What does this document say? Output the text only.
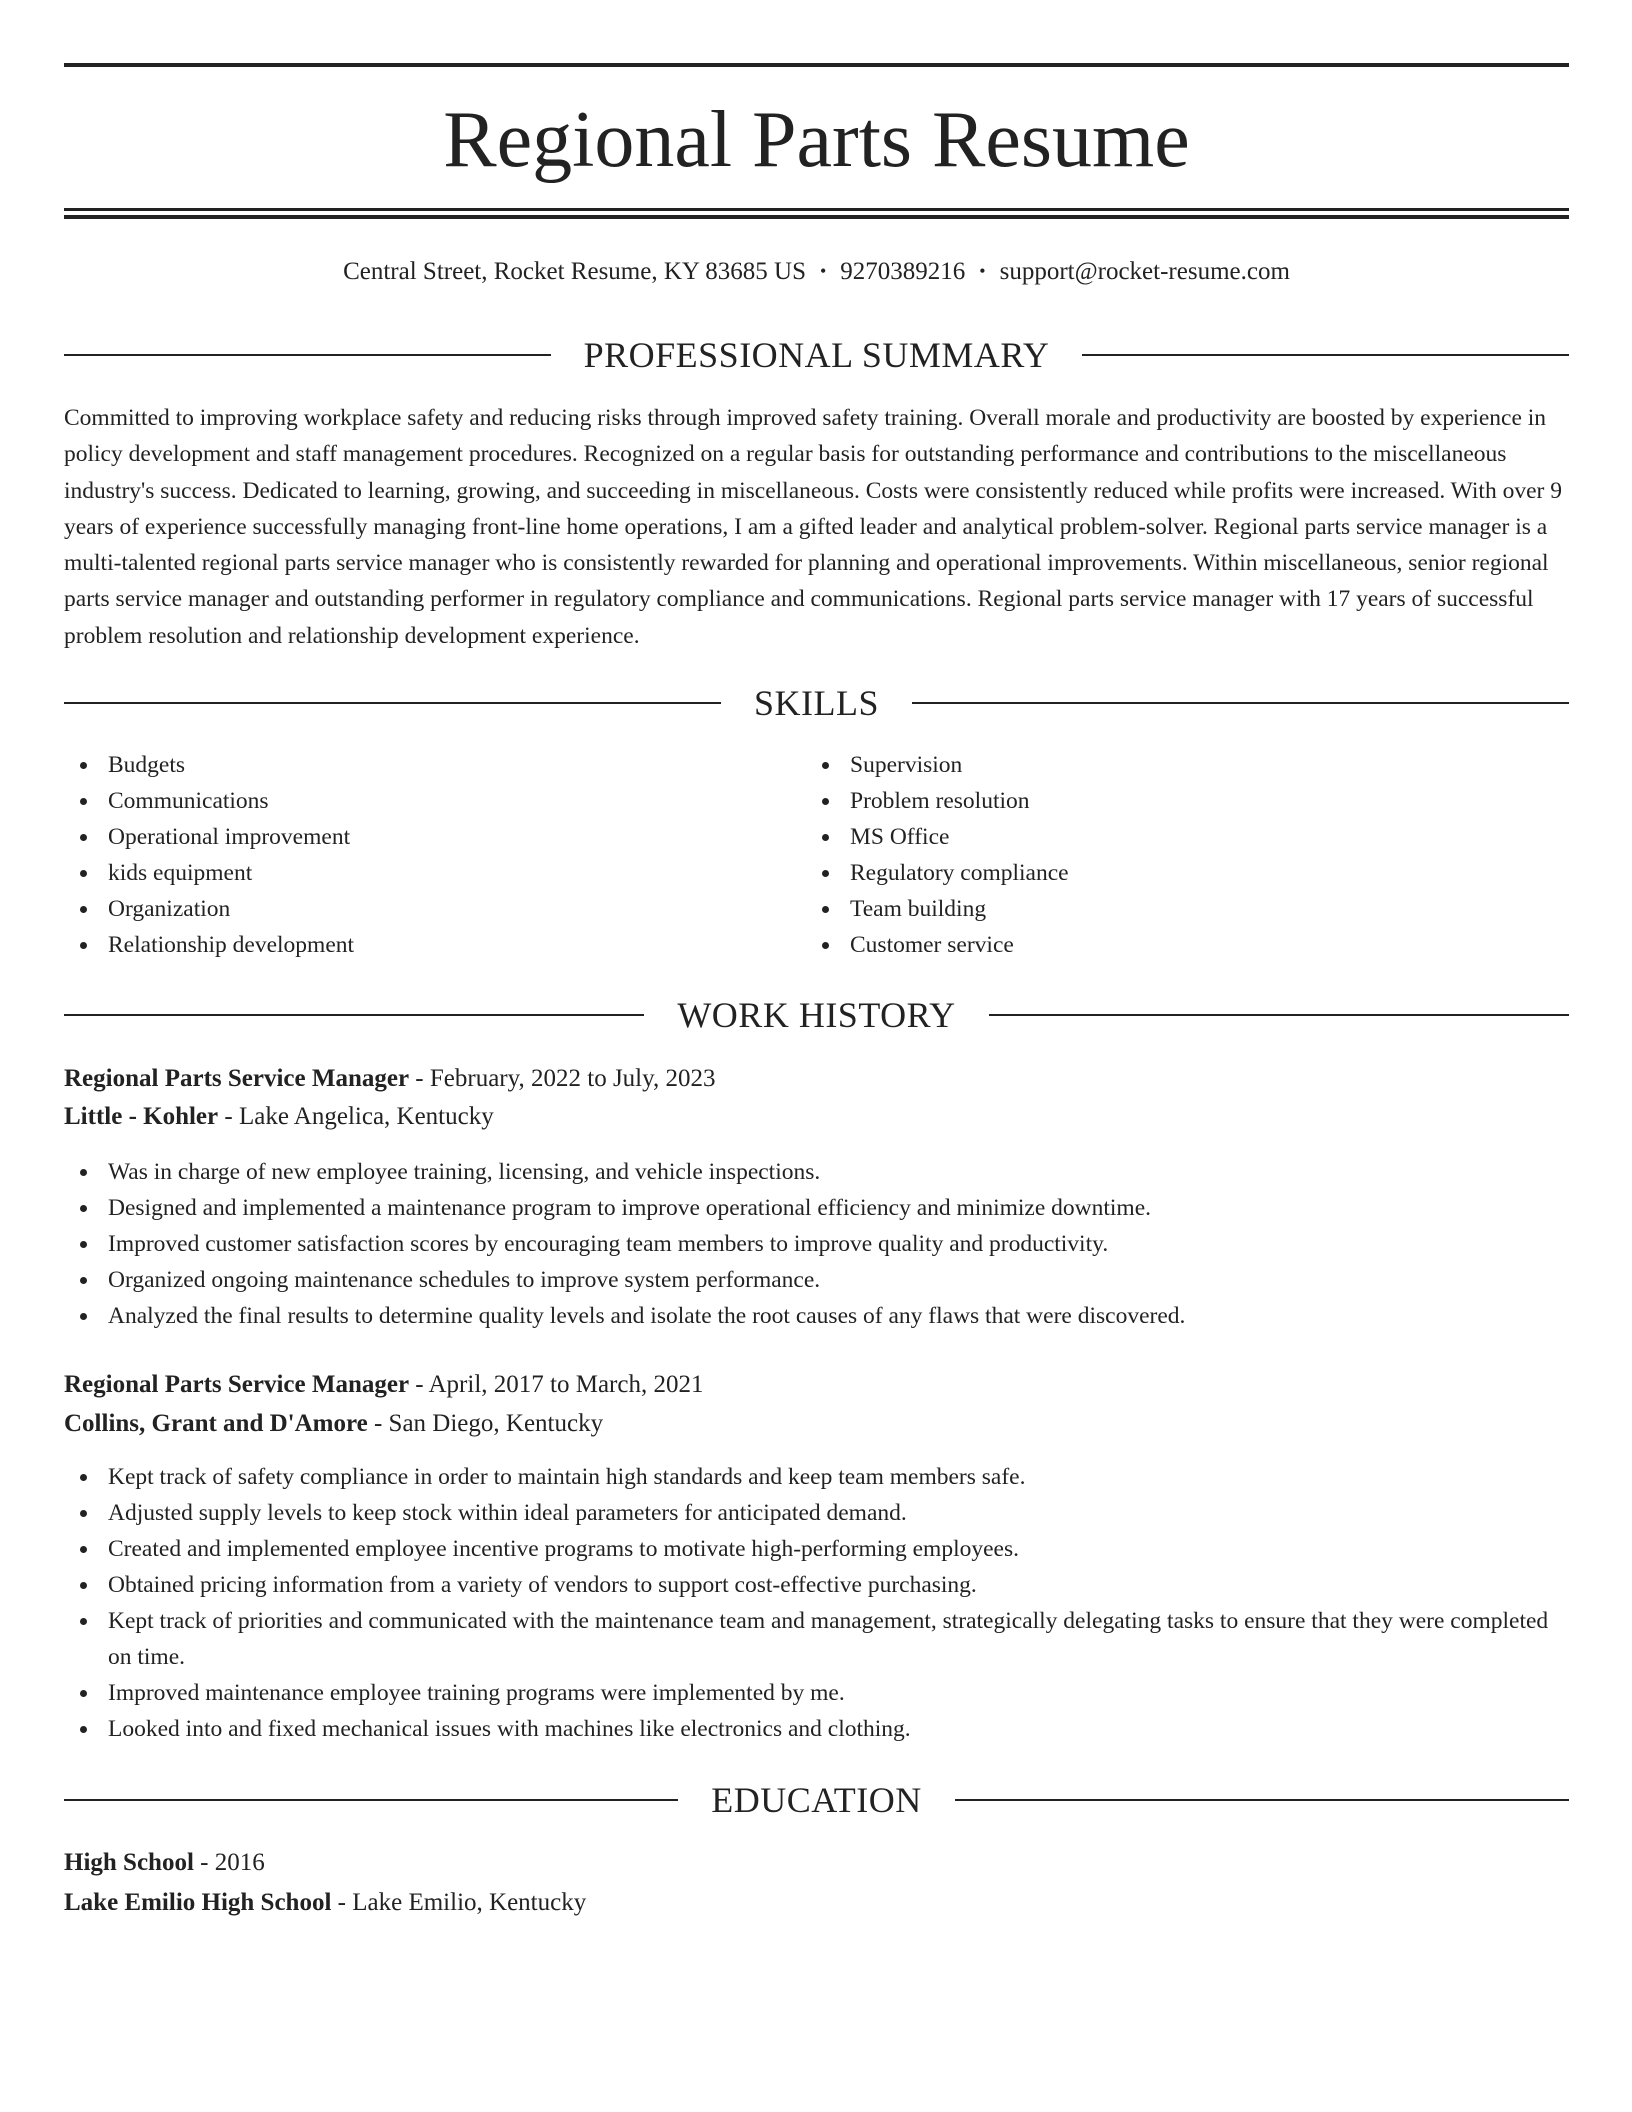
Regional Parts Resume
Central Street, Rocket Resume, KY 83685 US • 9270389216 • support@rocket-resume.com
PROFESSIONAL SUMMARY

Committed to improving workplace safety and reducing risks through improved safety training. Overall morale and productivity are boosted by experience in policy development and staff management procedures. Recognized on a regular basis for outstanding performance and contributions to the miscellaneous industry's success. Dedicated to learning, growing, and succeeding in miscellaneous. Costs were consistently reduced while profits were increased. With over 9 years of experience successfully managing front-line home operations, I am a gifted leader and analytical problem-solver. Regional parts service manager is a multi-talented regional parts service manager who is consistently rewarded for planning and operational improvements. Within miscellaneous, senior regional parts service manager and outstanding performer in regulatory compliance and communications. Regional parts service manager with 17 years of successful problem resolution and relationship development experience.

SKILLS
Budgets
Communications
Operational improvement
kids equipment
Organization
Relationship development
Supervision
Problem resolution
MS Office
Regulatory compliance
Team building
Customer service
WORK HISTORY
Regional Parts Service Manager - February, 2022 to July, 2023
Little - Kohler - Lake Angelica, Kentucky
Was in charge of new employee training, licensing, and vehicle inspections.
Designed and implemented a maintenance program to improve operational efficiency and minimize downtime.
Improved customer satisfaction scores by encouraging team members to improve quality and productivity.
Organized ongoing maintenance schedules to improve system performance.
Analyzed the final results to determine quality levels and isolate the root causes of any flaws that were discovered.
Regional Parts Service Manager - April, 2017 to March, 2021
Collins, Grant and D'Amore - San Diego, Kentucky
Kept track of safety compliance in order to maintain high standards and keep team members safe.
Adjusted supply levels to keep stock within ideal parameters for anticipated demand.
Created and implemented employee incentive programs to motivate high-performing employees.
Obtained pricing information from a variety of vendors to support cost-effective purchasing.
Kept track of priorities and communicated with the maintenance team and management, strategically delegating tasks to ensure that they were completed on time.
Improved maintenance employee training programs were implemented by me.
Looked into and fixed mechanical issues with machines like electronics and clothing.
EDUCATION
High School - 2016
Lake Emilio High School - Lake Emilio, Kentucky
